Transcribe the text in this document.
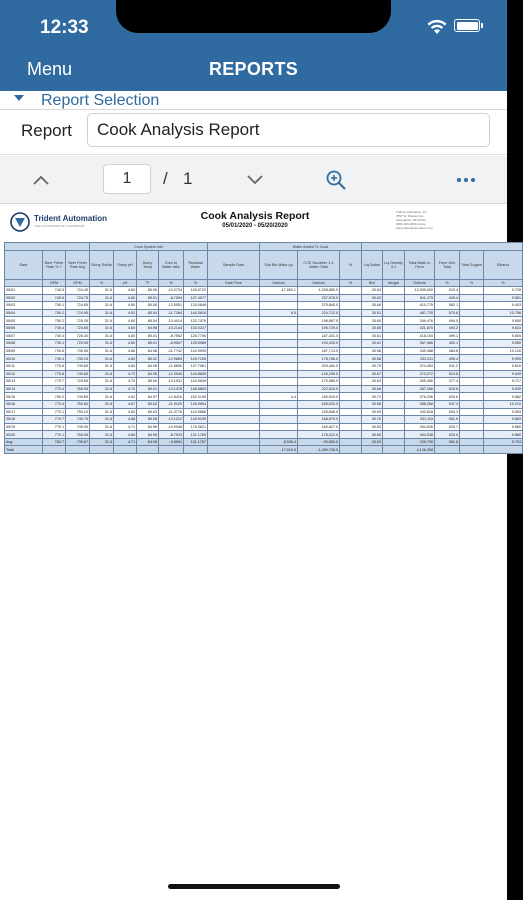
12:33
Menu	REPORTS
Report Selection
Report	Cook Analysis Report
1	/ 1
Trident Automation
THE AUTOMATION OF TOMORROW
Cook Analysis Report
05/01/2020 - 05/20/2020
Trident Automation, Inc.
7897 W. Wesley Ave
Someplace, AB 01234
(000) 000-0000 phone
www.tridentautomation.com
			Cook System Info						Water Added To Cook								
Date	Beer Fresh Rate % ?	Beer Fresh Rate Avg	Slurry Solids	Slurry pH	Slurry Temp	Corn to Water ratio	Residual Water	Sample Date	Slur Ble Make-up	CCE Scrubber 1-1 Water Total	%	Liq Solids	Liq Density 3-1	Total Mash to Ferm	Ferm Gen Total	Total Sugars	Ethanol
	GPM	GPM	%	pH	°F	%	%	Date/Time	Gallons	Gallons	%	Brix	lbs/gal	Gallons	%	%	%
05/01	740.5	724.45	31.6	4.60	85.06	-10.2734	126.0722		-17,592.1	4,328,850.0		30.63		12,909,000	519.4		9.725
05/02	740.6	724.75	31.6	4.60	85.01	-8.7094	127.4577			237,978.0		30.63		811,275	449.4		9.581
05/03	700.1	724.85	31.6	4.60	85.08	-13.5051	134.0848			375,845.0		30.68		410,775	562.1		9.403
05/04	750.2	724.95	31.6	4.52	85.04	-11.7364	144.3818		6.5	224,712.0		30.51		487,725	570.8		10.756
05/05	750.2	720.35	31.6	4.60	85.04	-10.4014	132.7076			196,867.0		30.65		349,476	494.5		9.650
05/06	740.4	724.65	31.6	4.60	84.98	-10.2144	133.0227			195,729.0		30.65		421,870	493.2		9.631
05/07	740.4	720.30	31.6	4.60	85.01	-8.7552	125.7706			187,431.0		30.61		418,154	499.1		9.605
05/08	730.1	720.05	31.6	4.60	85.01	-8.9067	125.5985			193,420.0		30.61		367,966	453.1		9.550
05/09	730.6	730.05	31.6	4.66	84.98	-11.7742	142.9995			187,713.0		30.58		349,488	484.6		10.126
05/10	730.4	730.15	31.6	4.60	85.02	-12.9669	149.7155			178,786.0		30.58		333,311	495.4		9.995
05/11	770.6	749.65	31.6	4.60	84.98	-11.8606	137.7061			209,484.0		30.75		374,453	511.2		9.616
05/12	770.8	749.65	31.6	4.72	84.95	-12.3946	140.8659			149,259.0		30.67		373,272	513.6		9.549
05/13	770.7	729.65	31.6	4.70	85.06	-13.1931	144.9639			170,585.0		30.63		309,456	477.4		9.717
05/14	770.4	760.05	31.6	4.70	85.01	-13.1378	146.6863			222,516.0		30.66		367,166	510.6		9.539
05/15	790.2	749.65	31.6	4.62	84.97	-12.8416	152.2190		4.4	180,519.0		30.71		376,206	525.6		9.882
05/16	770.4	750.60	31.6	4.67	85.02	-11.9129	145.9694			189,632.0		30.56		358,268	537.4		10.210
05/17	770.1	750.10	31.6	4.60	85.03	-11.3778	144.9686			159,846.0		30.59		342,618	534.3		9.553
05/18	770.7	749.75	31.6	4.68	85.08	-12.1212	149.9199			168,870.0		30.70		331,115	551.6		9.883
05/19	770.1	749.05	31.6	4.71	84.98	-10.9048	176.3621			160,827.0		30.63		354,526	520.7		9.680
05/20	770.1	750.05	31.6	4.66	84.98	-8.7033	131.1769			176,212.0		30.65		404,038	533.0		9.880
Avg.	763.7	739.67	31.6	4.71	84.98	-9.8681	141.1767		-8,506.4	-95,655.0		30.63		209,706	561.8		9.703
Total									-17,016.5	-1,459,708.0				4,126,308			
